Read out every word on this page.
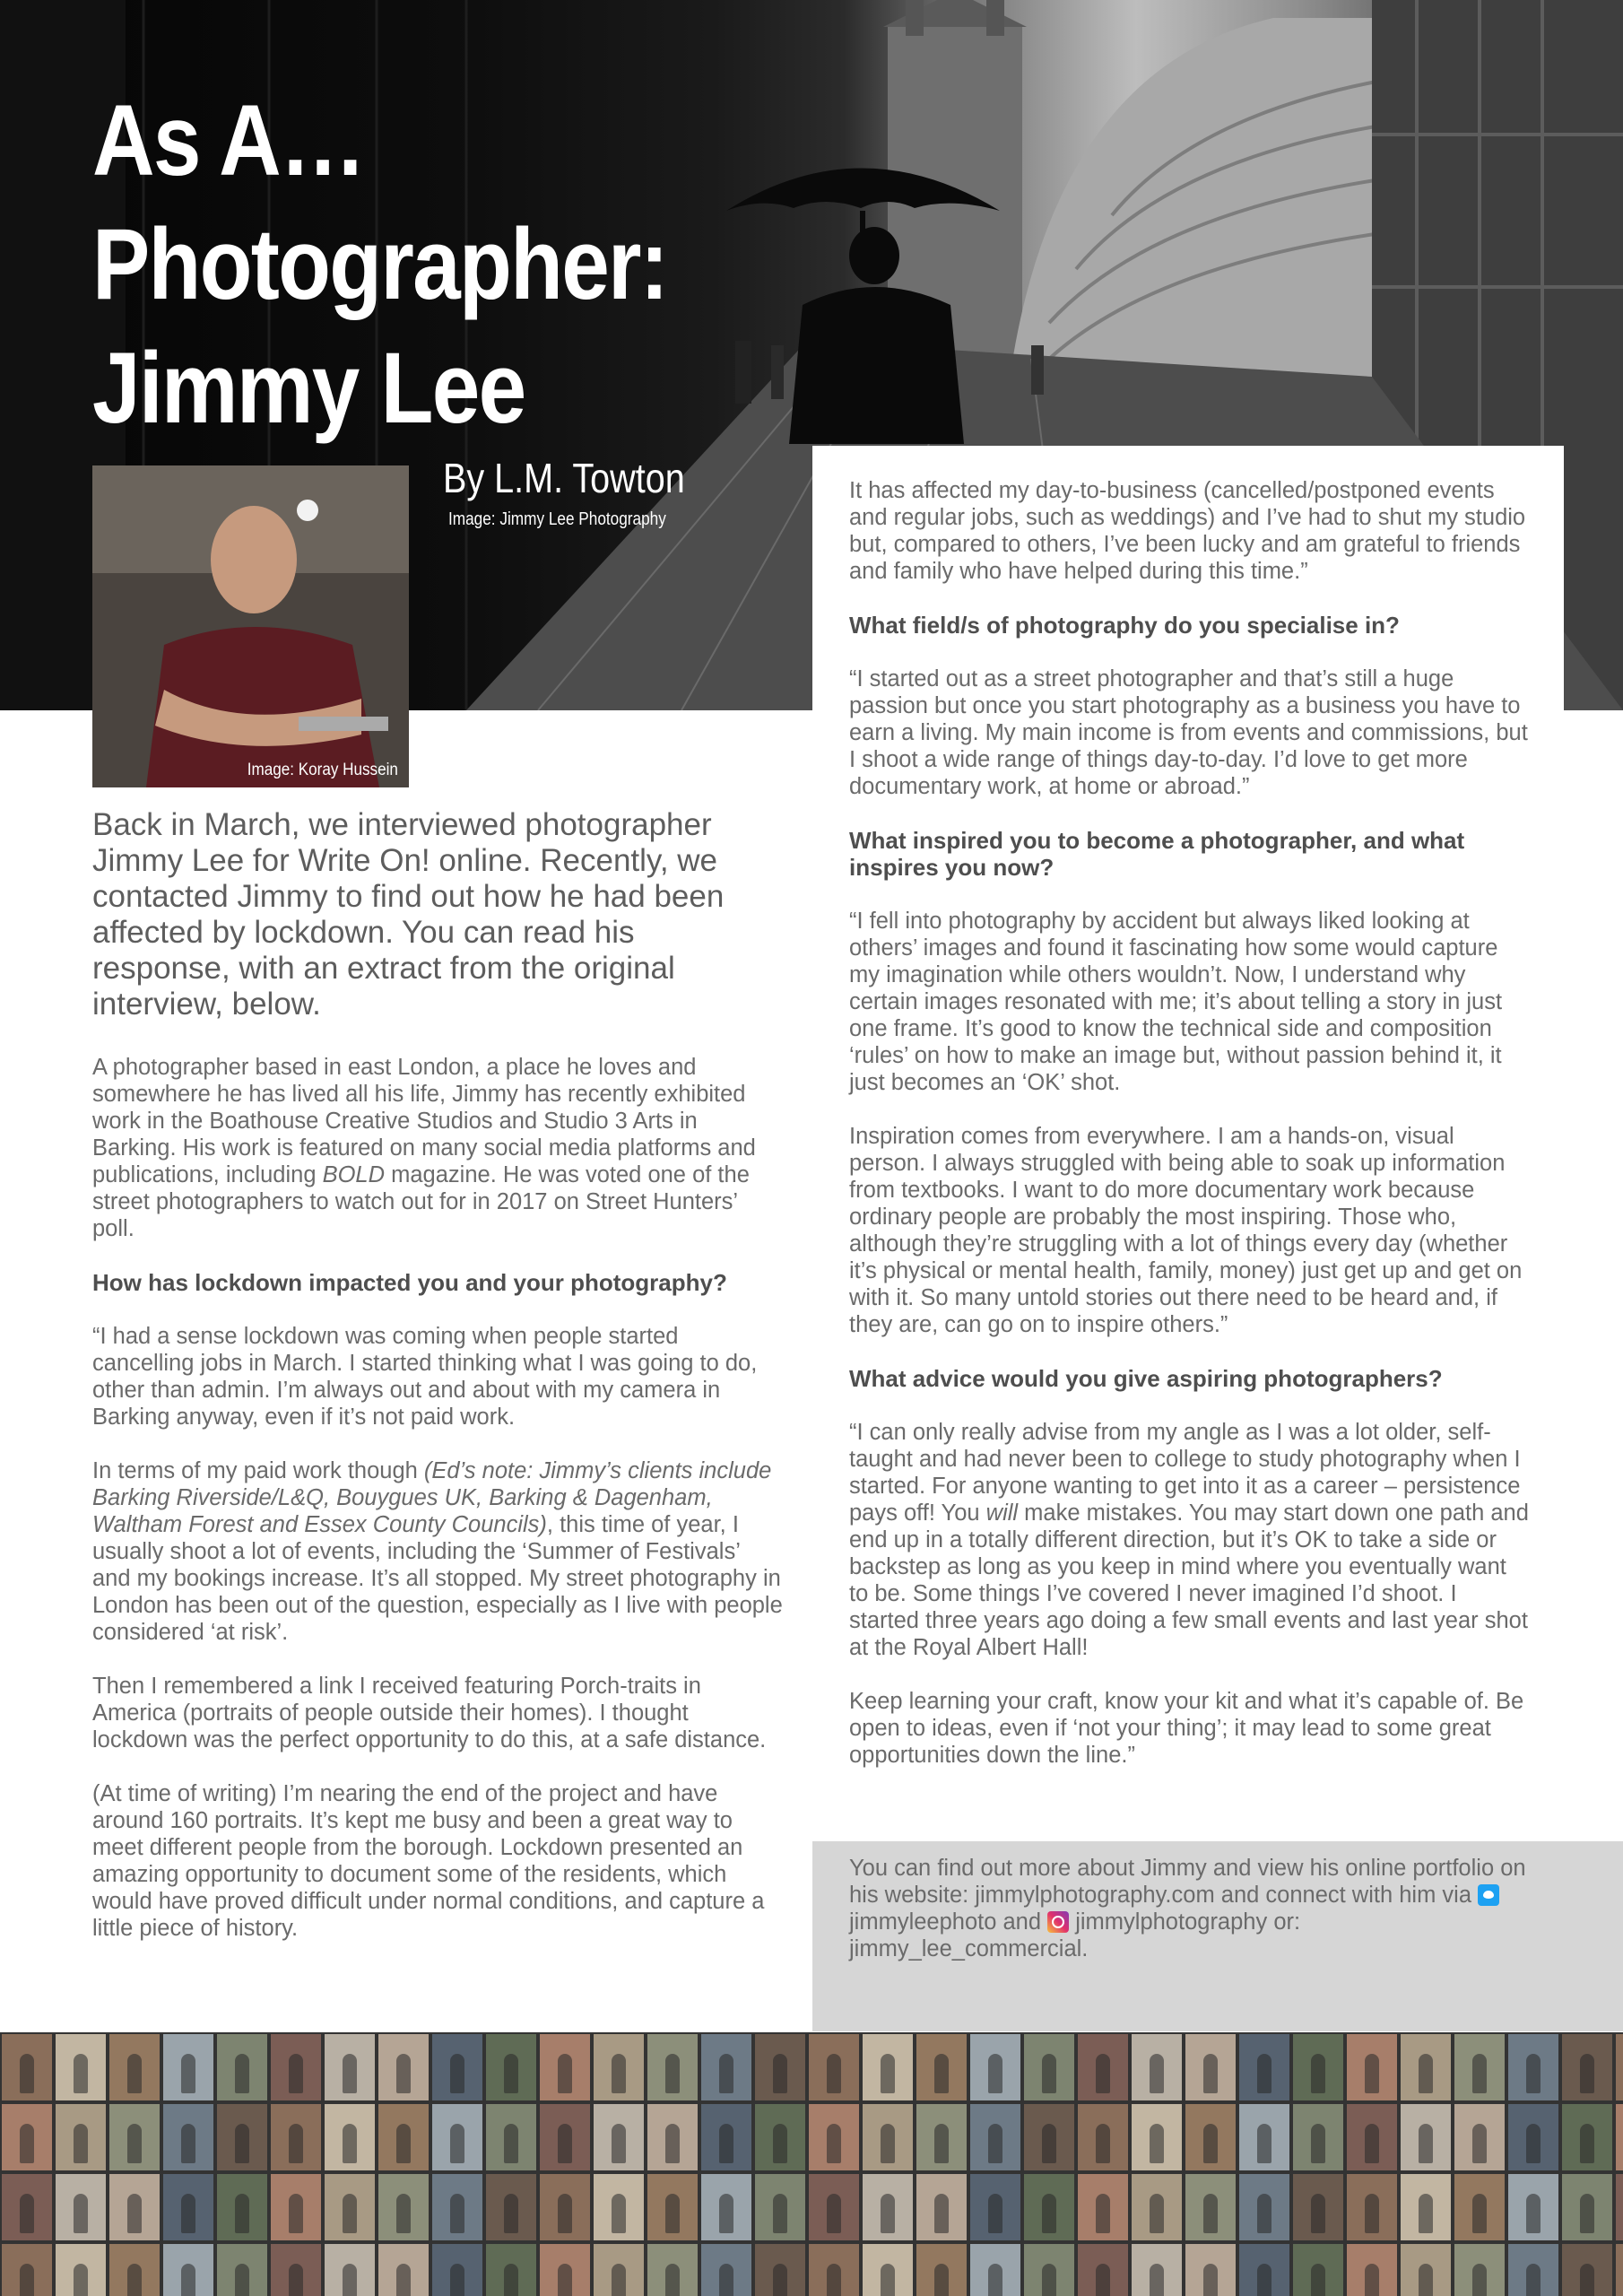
As A…
Photographer:
Jimmy Lee
By L.M. Towton
Image: Jimmy Lee Photography
Image: Koray Hussein
Back in March, we interviewed photographer Jimmy Lee for Write On! online. Recently, we contacted Jimmy to find out how he had been affected by lockdown. You can read his response, with an extract from the original interview, below.

A photographer based in east London, a place he loves and somewhere he has lived all his life, Jimmy has recently exhibited work in the Boathouse Creative Studios and Studio 3 Arts in Barking. His work is featured on many social media platforms and publications, including BOLD magazine. He was voted one of the street photographers to watch out for in 2017 on Street Hunters’ poll.

How has lockdown impacted you and your photography?

“I had a sense lockdown was coming when people started cancelling jobs in March. I started thinking what I was going to do, other than admin. I’m always out and about with my camera in Barking anyway, even if it’s not paid work.

In terms of my paid work though (Ed’s note: Jimmy’s clients include Barking Riverside/L&Q, Bouygues UK, Barking & Dagenham, Waltham Forest and Essex County Councils), this time of year, I usually shoot a lot of events, including the ‘Summer of Festivals’ and my bookings increase. It’s all stopped. My street photography in London has been out of the question, especially as I live with people considered ‘at risk’.

Then I remembered a link I received featuring Porch-traits in America (portraits of people outside their homes). I thought lockdown was the perfect opportunity to do this, at a safe distance.

(At time of writing) I’m nearing the end of the project and have around 160 portraits. It’s kept me busy and been a great way to meet different people from the borough. Lockdown presented an amazing opportunity to document some of the residents, which would have proved difficult under normal conditions, and capture a little piece of history.

It has affected my day-to-business (cancelled/postponed events and regular jobs, such as weddings) and I’ve had to shut my studio but, compared to others, I’ve been lucky and am grateful to friends and family who have helped during this time.”

What field/s of photography do you specialise in?

“I started out as a street photographer and that’s still a huge passion but once you start photography as a business you have to earn a living. My main income is from events and commissions, but I shoot a wide range of things day-to-day. I’d love to get more documentary work, at home or abroad.”

What inspired you to become a photographer, and what inspires you now?

“I fell into photography by accident but always liked looking at others’ images and found it fascinating how some would capture my imagination while others wouldn’t. Now, I understand why certain images resonated with me; it’s about telling a story in just one frame. It’s good to know the technical side and composition ‘rules’ on how to make an image but, without passion behind it, it just becomes an ‘OK’ shot.

Inspiration comes from everywhere. I am a hands-on, visual person. I always struggled with being able to soak up information from textbooks. I want to do more documentary work because ordinary people are probably the most inspiring. Those who, although they’re struggling with a lot of things every day (whether it’s physical or mental health, family, money) just get up and get on with it. So many untold stories out there need to be heard and, if they are, can go on to inspire others.”

What advice would you give aspiring photographers?

“I can only really advise from my angle as I was a lot older, self-taught and had never been to college to study photography when I started. For anyone wanting to get into it as a career – persistence pays off! You will make mistakes. You may start down one path and end up in a totally different direction, but it’s OK to take a side or backstep as long as you keep in mind where you eventually want to be. Some things I’ve covered I never imagined I’d shoot. I started three years ago doing a few small events and last year shot at the Royal Albert Hall!

Keep learning your craft, know your kit and what it’s capable of. Be open to ideas, even if ‘not your thing’; it may lead to some great opportunities down the line.”

You can find out more about Jimmy and view his online portfolio on his website: jimmylphotography.com and connect with him via  jimmyleephoto and  jimmylphotography or: jimmy_lee_commercial.
